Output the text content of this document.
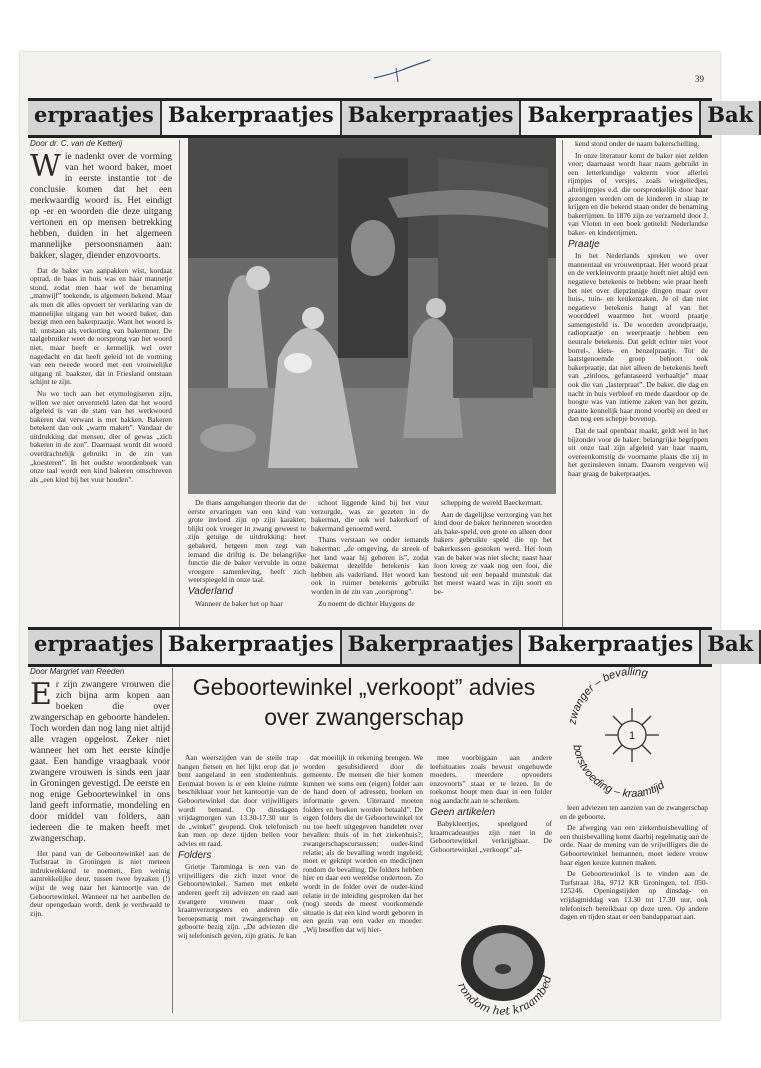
39
erpraatjes Bakerpraatjes Bakerpraatjes Bakerpraatjes Bak

Door dr. C. van de Ketterij

Wie nadenkt over de vorming van het woord baker, moet in eerste instantie tot de conclusie komen dat het een merkwaardig woord is. Het eindigt op -er en woorden die deze uitgang vertonen en op mensen betrekking hebben, duiden in het algemeen mannelijke persoonsnamen aan: bakker, slager, diender enzovoorts.

Dat de baker van aanpakken wist, kordaat optrad, de baas in huis was en haar mannetje stond, zodat men haar wel de benaming „manwijf” toekende, is algemeen bekend. Maar als men dit alles opvoert ter verklaring van de mannelijke uitgang van het woord baker, dan bezigt men een bakerpraatje. Want het woord is nl. ontstaan als verkorting van bakermoer. De taalgebruiker weet de oorsprong van het woord niet, maar heeft er kennelijk wel over nagedacht en dat heeft geleid tot de vorming van een tweede woord met een vrouwelijke uitgang nl. baakster, dat in Friesland ontstaan schijnt te zijn.

Nu we toch aan het etymologiseren zijn, willen we niet onvermeld laten dat het woord afgeleid is van de stam van het werkwoord bakeren dat verwant is met bakken. Bakeren betekent dan ook „warm maken”. Vandaar de uitdrukking dat mensen, dier of gewas „zich bakeren in de zon”. Daarnaast wordt dit woord overdrachtelijk gebruikt in de zin van „koesteren”. In het oudste woordenboek van onze taal wordt een kind bakeren omschreven als „een kind bij het vuur houden”.

De thans aangehangen theorie dat de eerste ervaringen van een kind van grote invloed zijn op zijn karakter, blijkt ook vroeger in zwang geweest te zijn getuige de uitdrukking: heet gebakerd, hetgeen men zegt van iemand die driftig is. De belangrijke functie die de baker vervulde in onze vroegere samenleving, heeft zich weerspiegeld in onze taal.

Vaderland

Wanneer de baker het op haar

schoot liggende kind bij het vuur verzorgde, was ze gezeten in de bakermat, die ook wel bakerkorf of bakermand genoemd werd.

Thans verstaan we onder iemands bakermat: „de omgeving, de streek of het land waar hij geboren is”, zodat bakermat dezelfde betekenis kan hebben als vaderland. Het woord kan ook in ruimer betekenis gebruikt worden in de zin van „oorsprong”.

Zo noemt de dichter Huygens de

schepping de wereld Baeckermatt.

Aan de dagelijkse verzorging van het kind door de baker herinneren woorden als bake-speld, een grote en alleen door bakers gebruikte speld die op het bakerkussen gestoken werd. Het loon van de baker was niet slecht; naast haar loon kreeg ze vaak nog een fooi, die bestond uit een bepaald muntstuk dat het meest waard was in zijn soort en be-

kend stond onder de naam bakerschelling.

In onze literatuur komt de baker niet zelden voor; daarnaast wordt haar naam gebruikt in een letterkundige vakterm voor allerlei rijmpjes of versjes, zoals wiegeliedjes, aftelrijmpjes e.d. die oorspronkelijk door haar gezongen werden om de kinderen in slaap te krijgen en die bekend staan onder de benaming bakerrijmen. In 1876 zijn ze verzameld door J. van Vloten in een boek getiteld: Nederlandse baker- en kinderrijmen.

Praatje

In het Nederlands spreken we over mannentaal en vrouwenpraat. Het woord praat en de verkleinvorm praatje hoeft niet altijd een negatieve betekenis te hebben: wie praat heeft het niet over diepzinnige dingen maar over huis-, tuin- en keukenzaken. Je ol dan niet negatieve betekenis hangt af van het woorddeel waarmee het woord praatje samengesteld is. De woorden avondpraatje, radiopraatje en weerpraatje hebben een neutrale betekenis. Dat geldt echter niet voor borrel-, klets- en benzelpraatje. Tot de laatstgenoemde groep behoort ook bakerpraatje, dat niet alleen de betekenis heeft van „zinloos, gefantaseerd verhaaltje” maar ook die van „lasterpraat”. De baker, die dag en nacht in huis verbleef en mede daardoor op de hoogte was van intieme zaken van het gezin, praatte kennelijk haar mond voorbij en deed er dan nog een schepje bovenop.

Dat de taal openbaar maakt, geldt wel in het bijzonder voor de baker: belangrijke begrippen uit onze taal zijn afgeleid van haar naam, overeenkomstig de voorname plaats die zij in het gezinsleven innam. Daarom vergeven wij haar graag de bakerpraatjes.

erpraatjes Bakerpraatjes Bakerpraatjes Bakerpraatjes Bak

Door Margriet van Reeden

Er zijn zwangere vrouwen die zich bijna arm kopen aan boeken die over zwangerschap en geboorte handelen. Toch worden dan nog lang niet altijd alle vragen opgelost. Zeker niet wanneer het om het eerste kindje gaat. Een handige vraagbaak voor zwangere vrouwen is sinds een jaar in Groningen gevestigd. De eerste en nog enige Geboortewinkel in ons land geeft informatie, mondeling en door middel van folders, aan iedereen die te maken heeft met zwangerschap.

Het pand van de Geboortewinkel aan de Turfstraat in Groningen is niet meteen indrukwekkend te noemen. Een weinig aantrekkelijke deur, tussen twee byzaken (!) wijst de weg naar het kantoortje van de Geboortewinkel. Wanneer na het aanbellen de deur opengedaan wordt, denk je verdwaald te zijn.

Geboortewinkel „verkoopt” advies over zwangerschap	zwanger – bevalling
borstvoeding – kraamtijd
1

Aan weerszijden van de steile trap hangen fietsen en het lijkt erop dat je bent aangeland in een studentenhuis. Eenmaal boven is er een kleine ruimte beschikbaar voor het kantoortje van de Geboortewinkel dat door vrijwilligers wordt bemand. Op dinsdagen vrijdagmorgen van 13.30-17.30 uur is de „winkel” geopend. Ook telefonisch kan men op deze tijden bellen voor advies en raad.

Folders

Grietje Tamminga is een van de vrijwilligers die zich inzet voor de Geboortewinkel. Samen met enkele anderen geeft zij adviezen en raad aan zwangere vrouwen maar ook kraamverzorgsters en anderen die beroepsmatig met zwangerschap en geboorte bezig zijn. „De adviezen die wij telefonisch geven, zijn gratis. Je kan

dat moeilijk in rekening brengen. We worden gesubsidieerd door de gemeente. De mensen die hier komen kunnen we soms een (eigen) folder aan de hand doen of adressen, boeken en informatie geven. Uiteraard moeten folders en boeken worden betaald”. De eigen folders die de Geboortewinkel tot nu toe heeft uitgegeven handelen over bevallen: thuis of in het ziekenhuis?; zwangerschapscursussen; ouder-kind relatie; als de bevalling wordt ingeleid; moet er geknipt worden en medicijnen rondom de bevalling. De folders hebben hier en daar een wereldse ondertoon. Zo wordt in de folder over de ouder-kind relatie in de inleiding gesproken dat het (nog) steeds de meest voorkomende situatie is dat een kind wordt geboren in een gezin van een vader en moeder. „Wij beseffen dat wij hier-

mee voorbijgaan aan andere leefsituaties zoals bewust ongehuwde moeders, meerdere opvoeders enzovoorts” staat er te lezen. In de toekomst hoopt men daar in een folder nog aandacht aan te schenken.

Geen artikelen

Babykleertjes, speelgoed of kraamcadeautjes zijn niet in de Geboortewinkel verkrijgbaar. De Geboortewinkel „verkoopt” al-

rondom het kraambed

leen adviezen ten aanzien van de zwangerschap en de geboorte.

De afweging van een ziekenhuisbevalling of een thuisbevalling komt daarbij regelmatig aan de orde. Naar de mening van de vrijwilligers die de Geboortewinkel bemannen, moet iedere vrouw haar eigen keuze kunnen maken.

De Geboortewinkel is te vinden aan de Turfstraat 18a, 9712 KR Groningen, tel. 050-125246. Openingstijden op dinsdag- en vrijdagmiddag van 13.30 tot 17.30 uur, ook telefonisch bereikbaar op deze uren. Op andere dagen en tijden staat er een bandapparaat aan.
